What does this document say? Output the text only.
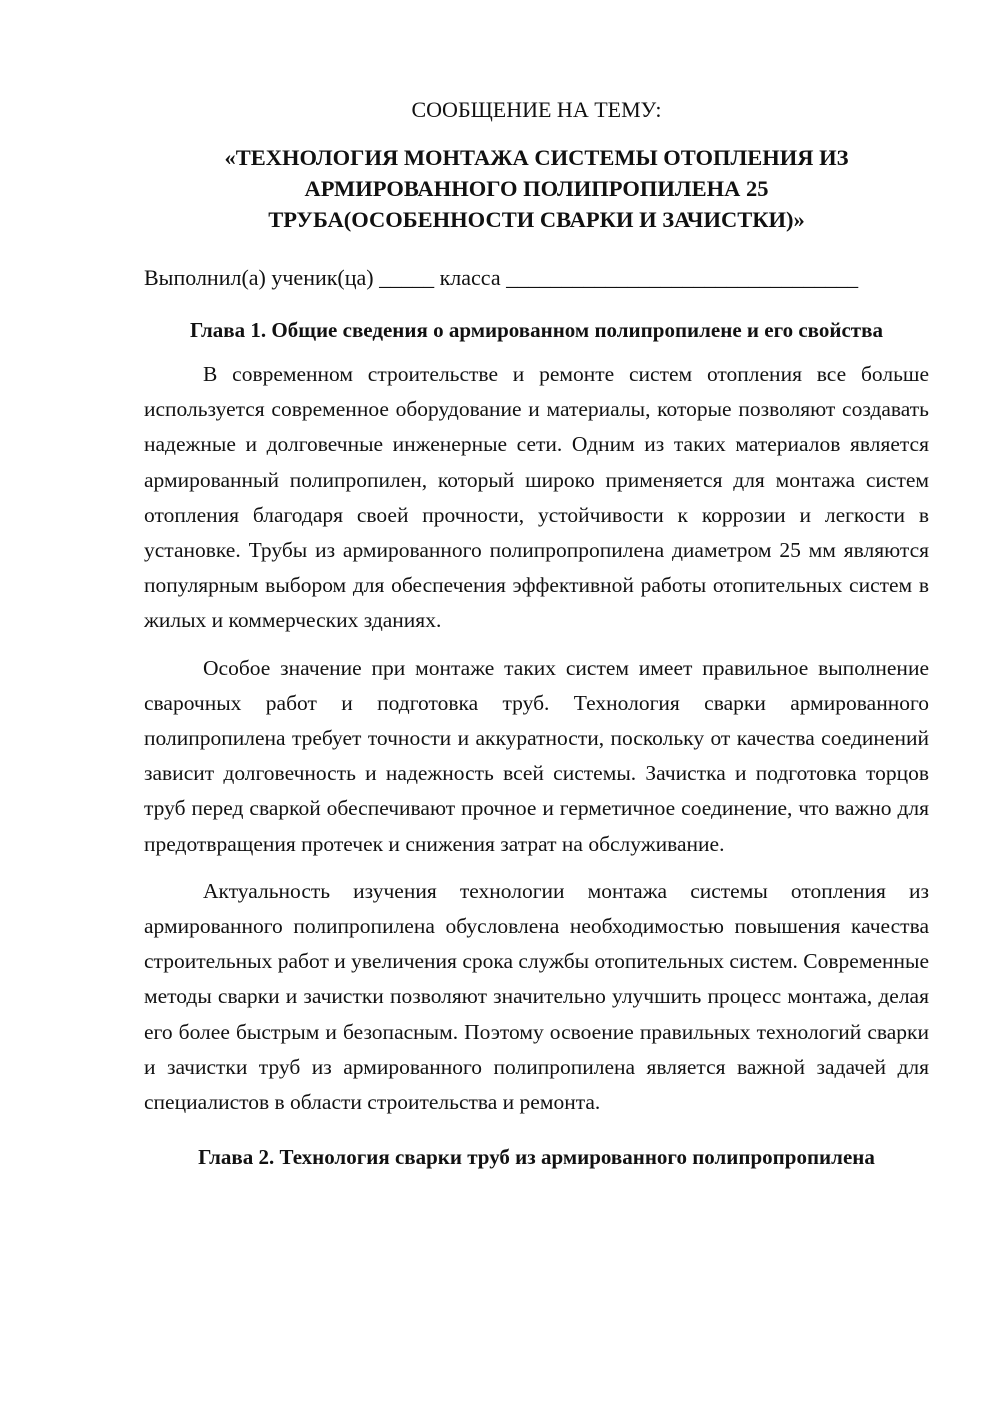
СООБЩЕНИЕ НА ТЕМУ:

«ТЕХНОЛОГИЯ МОНТАЖА СИСТЕМЫ ОТОПЛЕНИЯ ИЗ
АРМИРОВАННОГО ПОЛИПРОПИЛЕНА 25
ТРУБА(ОСОБЕННОСТИ СВАРКИ И ЗАЧИСТКИ)»
Выполнил(а) ученик(ца) _____ класса ________________________________
Глава 1. Общие сведения о армированном полипропилене и его свойства

В современном строительстве и ремонте систем отопления все больше используется современное оборудование и материалы, которые позволяют создавать надежные и долговечные инженерные сети. Одним из таких материалов является армированный полипропилен, который широко применяется для монтажа систем отопления благодаря своей прочности, устойчивости к коррозии и легкости в установке. Трубы из армированного полипропропилена диаметром 25 мм являются популярным выбором для обеспечения эффективной работы отопительных систем в жилых и коммерческих зданиях.

Особое значение при монтаже таких систем имеет правильное выполнение сварочных работ и подготовка труб. Технология сварки армированного полипропилена требует точности и аккуратности, поскольку от качества соединений зависит долговечность и надежность всей системы. Зачистка и подготовка торцов труб перед сваркой обеспечивают прочное и герметичное соединение, что важно для предотвращения протечек и снижения затрат на обслуживание.

Актуальность изучения технологии монтажа системы отопления из армированного полипропилена обусловлена необходимостью повышения качества строительных работ и увеличения срока службы отопительных систем. Современные методы сварки и зачистки позволяют значительно улучшить процесс монтажа, делая его более быстрым и безопасным. Поэтому освоение правильных технологий сварки и зачистки труб из армированного полипропилена является важной задачей для специалистов в области строительства и ремонта.

Глава 2. Технология сварки труб из армированного полипропропилена
